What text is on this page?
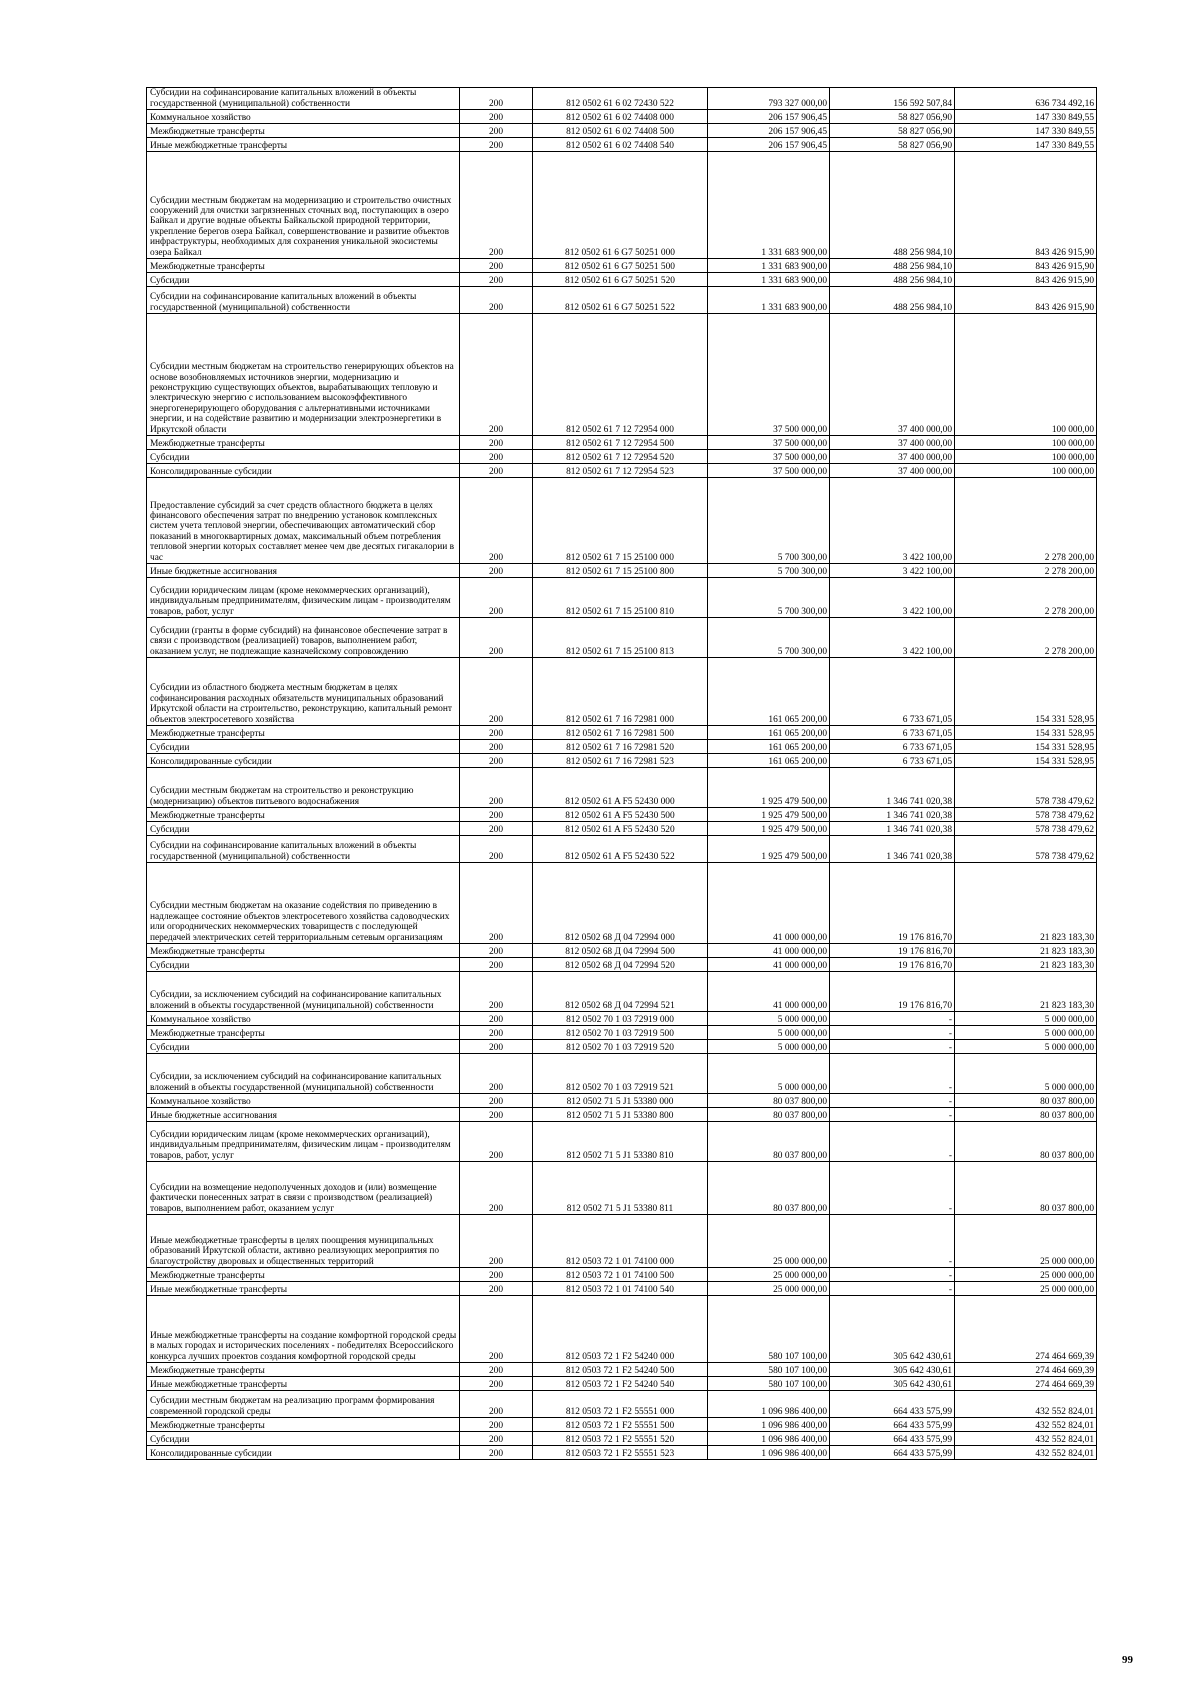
Субсидии на софинансирование капитальных вложений в объекты государственной (муниципальной) собственности	200	812 0502 61 6 02 72430 522	793 327 000,00	156 592 507,84	636 734 492,16
Коммунальное хозяйство	200	812 0502 61 6 02 74408 000	206 157 906,45	58 827 056,90	147 330 849,55
Межбюджетные трансферты	200	812 0502 61 6 02 74408 500	206 157 906,45	58 827 056,90	147 330 849,55
Иные межбюджетные трансферты	200	812 0502 61 6 02 74408 540	206 157 906,45	58 827 056,90	147 330 849,55
Субсидии местным бюджетам на модернизацию и строительство очистных сооружений для очистки загрязненных сточных вод, поступающих в озеро Байкал и другие водные объекты Байкальской природной территории, укрепление берегов озера Байкал, совершенствование и развитие объектов инфраструктуры, необходимых для сохранения уникальной экосистемы озера Байкал	200	812 0502 61 6 G7 50251 000	1 331 683 900,00	488 256 984,10	843 426 915,90
Межбюджетные трансферты	200	812 0502 61 6 G7 50251 500	1 331 683 900,00	488 256 984,10	843 426 915,90
Субсидии	200	812 0502 61 6 G7 50251 520	1 331 683 900,00	488 256 984,10	843 426 915,90
Субсидии на софинансирование капитальных вложений в объекты государственной (муниципальной) собственности	200	812 0502 61 6 G7 50251 522	1 331 683 900,00	488 256 984,10	843 426 915,90
Субсидии местным бюджетам на строительство генерирующих объектов на основе возобновляемых источников энергии, модернизацию и реконструкцию существующих объектов, вырабатывающих тепловую и электрическую энергию с использованием высокоэффективного энергогенерирующего оборудования с альтернативными источниками энергии, и на содействие развитию и модернизации электроэнергетики в Иркутской области	200	812 0502 61 7 12 72954 000	37 500 000,00	37 400 000,00	100 000,00
Межбюджетные трансферты	200	812 0502 61 7 12 72954 500	37 500 000,00	37 400 000,00	100 000,00
Субсидии	200	812 0502 61 7 12 72954 520	37 500 000,00	37 400 000,00	100 000,00
Консолидированные субсидии	200	812 0502 61 7 12 72954 523	37 500 000,00	37 400 000,00	100 000,00
Предоставление субсидий за счет средств областного бюджета в целях финансового обеспечения затрат по внедрению установок комплексных систем учета тепловой энергии, обеспечивающих автоматический сбор показаний в многоквартирных домах, максимальный объем потребления тепловой энергии которых составляет менее чем две десятых гигакалории в час	200	812 0502 61 7 15 25100 000	5 700 300,00	3 422 100,00	2 278 200,00
Иные бюджетные ассигнования	200	812 0502 61 7 15 25100 800	5 700 300,00	3 422 100,00	2 278 200,00
Субсидии юридическим лицам (кроме некоммерческих организаций), индивидуальным предпринимателям, физическим лицам - производителям товаров, работ, услуг	200	812 0502 61 7 15 25100 810	5 700 300,00	3 422 100,00	2 278 200,00
Субсидии (гранты в форме субсидий) на финансовое обеспечение затрат в связи с производством (реализацией) товаров, выполнением работ, оказанием услуг, не подлежащие казначейскому сопровождению	200	812 0502 61 7 15 25100 813	5 700 300,00	3 422 100,00	2 278 200,00
Субсидии из областного бюджета местным бюджетам в целях софинансирования расходных обязательств муниципальных образований Иркутской области на строительство, реконструкцию, капитальный ремонт объектов электросетевого хозяйства	200	812 0502 61 7 16 72981 000	161 065 200,00	6 733 671,05	154 331 528,95
Межбюджетные трансферты	200	812 0502 61 7 16 72981 500	161 065 200,00	6 733 671,05	154 331 528,95
Субсидии	200	812 0502 61 7 16 72981 520	161 065 200,00	6 733 671,05	154 331 528,95
Консолидированные субсидии	200	812 0502 61 7 16 72981 523	161 065 200,00	6 733 671,05	154 331 528,95
Субсидии местным бюджетам на строительство и реконструкцию (модернизацию) объектов питьевого водоснабжения	200	812 0502 61 A F5 52430 000	1 925 479 500,00	1 346 741 020,38	578 738 479,62
Межбюджетные трансферты	200	812 0502 61 A F5 52430 500	1 925 479 500,00	1 346 741 020,38	578 738 479,62
Субсидии	200	812 0502 61 A F5 52430 520	1 925 479 500,00	1 346 741 020,38	578 738 479,62
Субсидии на софинансирование капитальных вложений в объекты государственной (муниципальной) собственности	200	812 0502 61 A F5 52430 522	1 925 479 500,00	1 346 741 020,38	578 738 479,62
Субсидии местным бюджетам на оказание содействия по приведению в надлежащее состояние объектов электросетевого хозяйства садоводческих или огороднических некоммерческих товариществ с последующей передачей электрических сетей территориальным сетевым организациям	200	812 0502 68 Д 04 72994 000	41 000 000,00	19 176 816,70	21 823 183,30
Межбюджетные трансферты	200	812 0502 68 Д 04 72994 500	41 000 000,00	19 176 816,70	21 823 183,30
Субсидии	200	812 0502 68 Д 04 72994 520	41 000 000,00	19 176 816,70	21 823 183,30
Субсидии, за исключением субсидий на софинансирование капитальных вложений в объекты государственной (муниципальной) собственности	200	812 0502 68 Д 04 72994 521	41 000 000,00	19 176 816,70	21 823 183,30
Коммунальное хозяйство	200	812 0502 70 1 03 72919 000	5 000 000,00	-	5 000 000,00
Межбюджетные трансферты	200	812 0502 70 1 03 72919 500	5 000 000,00	-	5 000 000,00
Субсидии	200	812 0502 70 1 03 72919 520	5 000 000,00	-	5 000 000,00
Субсидии, за исключением субсидий на софинансирование капитальных вложений в объекты государственной (муниципальной) собственности	200	812 0502 70 1 03 72919 521	5 000 000,00	-	5 000 000,00
Коммунальное хозяйство	200	812 0502 71 5 J1 53380 000	80 037 800,00	-	80 037 800,00
Иные бюджетные ассигнования	200	812 0502 71 5 J1 53380 800	80 037 800,00	-	80 037 800,00
Субсидии юридическим лицам (кроме некоммерческих организаций), индивидуальным предпринимателям, физическим лицам - производителям товаров, работ, услуг	200	812 0502 71 5 J1 53380 810	80 037 800,00	-	80 037 800,00
Субсидии на возмещение недополученных доходов и (или) возмещение фактически понесенных затрат в связи с производством (реализацией) товаров, выполнением работ, оказанием услуг	200	812 0502 71 5 J1 53380 811	80 037 800,00	-	80 037 800,00
Иные межбюджетные трансферты в целях поощрения муниципальных образований Иркутской области, активно реализующих мероприятия по благоустройству дворовых и общественных территорий	200	812 0503 72 1 01 74100 000	25 000 000,00	-	25 000 000,00
Межбюджетные трансферты	200	812 0503 72 1 01 74100 500	25 000 000,00	-	25 000 000,00
Иные межбюджетные трансферты	200	812 0503 72 1 01 74100 540	25 000 000,00	-	25 000 000,00
Иные межбюджетные трансферты на создание комфортной городской среды в малых городах и исторических поселениях - победителях Всероссийского конкурса лучших проектов создания комфортной городской среды	200	812 0503 72 1 F2 54240 000	580 107 100,00	305 642 430,61	274 464 669,39
Межбюджетные трансферты	200	812 0503 72 1 F2 54240 500	580 107 100,00	305 642 430,61	274 464 669,39
Иные межбюджетные трансферты	200	812 0503 72 1 F2 54240 540	580 107 100,00	305 642 430,61	274 464 669,39
Субсидии местным бюджетам на реализацию программ формирования современной городской среды	200	812 0503 72 1 F2 55551 000	1 096 986 400,00	664 433 575,99	432 552 824,01
Межбюджетные трансферты	200	812 0503 72 1 F2 55551 500	1 096 986 400,00	664 433 575,99	432 552 824,01
Субсидии	200	812 0503 72 1 F2 55551 520	1 096 986 400,00	664 433 575,99	432 552 824,01
Консолидированные субсидии	200	812 0503 72 1 F2 55551 523	1 096 986 400,00	664 433 575,99	432 552 824,01
99
